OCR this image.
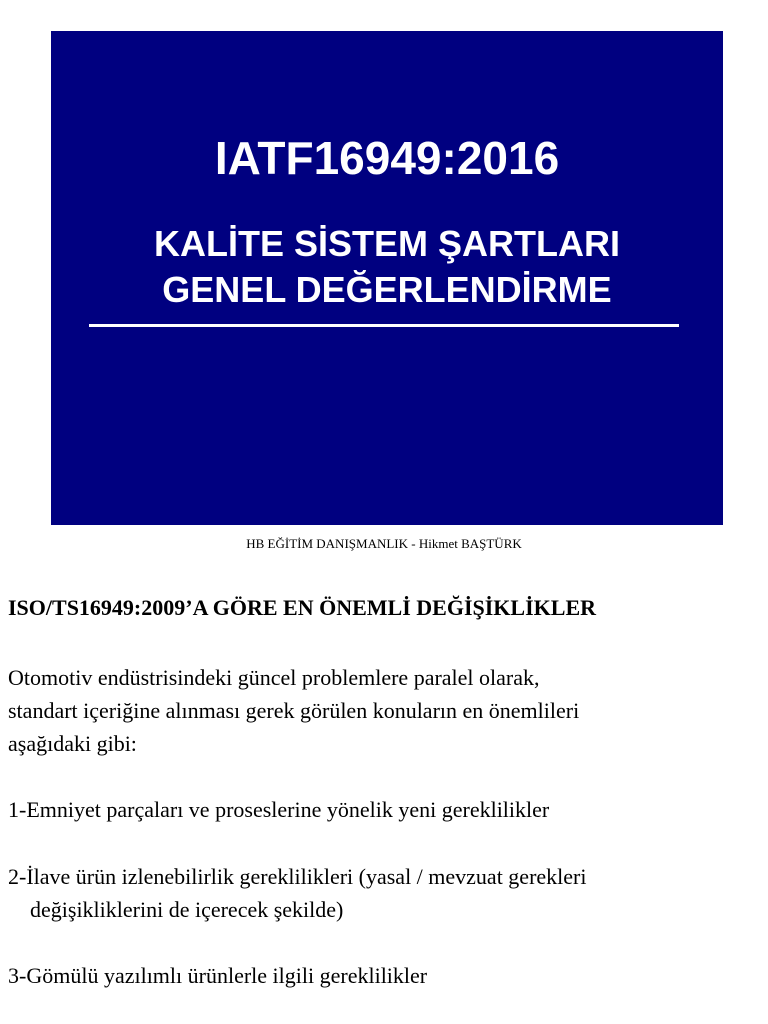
IATF16949:2016
KALİTE SİSTEM ŞARTLARI
GENEL DEĞERLENDİRME
HB EĞİTİM DANIŞMANLIK - Hikmet BAŞTÜRK
ISO/TS16949:2009’A GÖRE EN ÖNEMLİ DEĞİŞİKLİKLER

Otomotiv endüstrisindeki güncel problemlere paralel olarak,
standart içeriğine alınması gerek görülen konuların en önemlileri
aşağıdaki gibi:

1-Emniyet parçaları ve proseslerine yönelik yeni gereklilikler

2-İlave ürün izlenebilirlik gereklilikleri (yasal / mevzuat gerekleri
değişikliklerini de içerecek şekilde)

3-Gömülü yazılımlı ürünlerle ilgili gereklilikler
